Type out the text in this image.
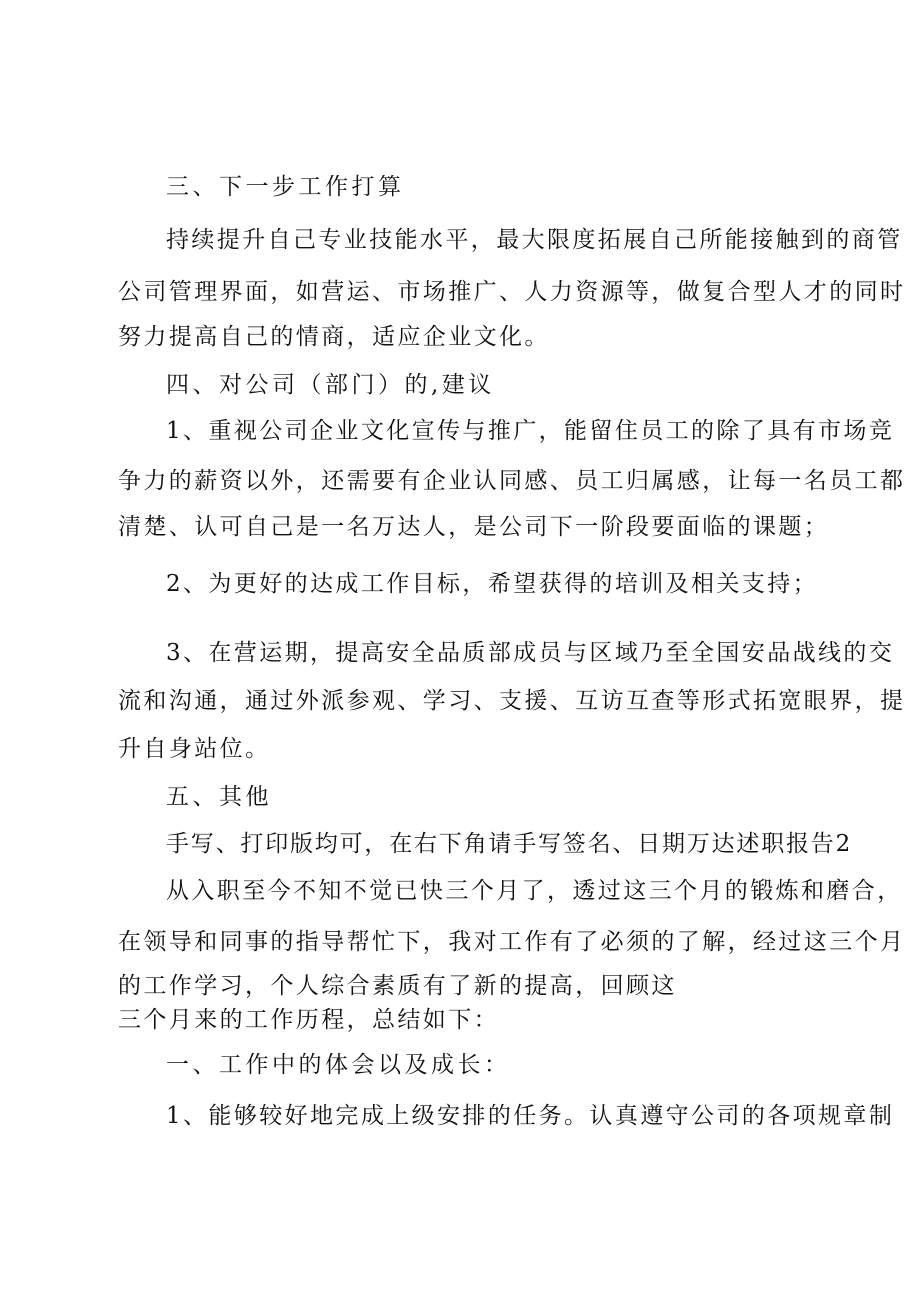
三、下一步工作打算
持续提升自己专业技能水平，最大限度拓展自己所能接触到的商管
公司管理界面，如营运、市场推广、人力资源等，做复合型人才的同时
努力提高自己的情商，适应企业文化。
四、对公司（部门）的,建议
1、重视公司企业文化宣传与推广，能留住员工的除了具有市场竞
争力的薪资以外，还需要有企业认同感、员工归属感，让每一名员工都
清楚、认可自己是一名万达人，是公司下一阶段要面临的课题；
2、为更好的达成工作目标，希望获得的培训及相关支持；
3、在营运期，提高安全品质部成员与区域乃至全国安品战线的交
流和沟通，通过外派参观、学习、支援、互访互查等形式拓宽眼界，提
升自身站位。
五、其他
手写、打印版均可，在右下角请手写签名、日期万达述职报告2
从入职至今不知不觉已快三个月了，透过这三个月的锻炼和磨合，
在领导和同事的指导帮忙下，我对工作有了必须的了解，经过这三个月
的工作学习，个人综合素质有了新的提高，回顾这
三个月来的工作历程，总结如下：
一、工作中的体会以及成长：
1、能够较好地完成上级安排的任务。认真遵守公司的各项规章制
